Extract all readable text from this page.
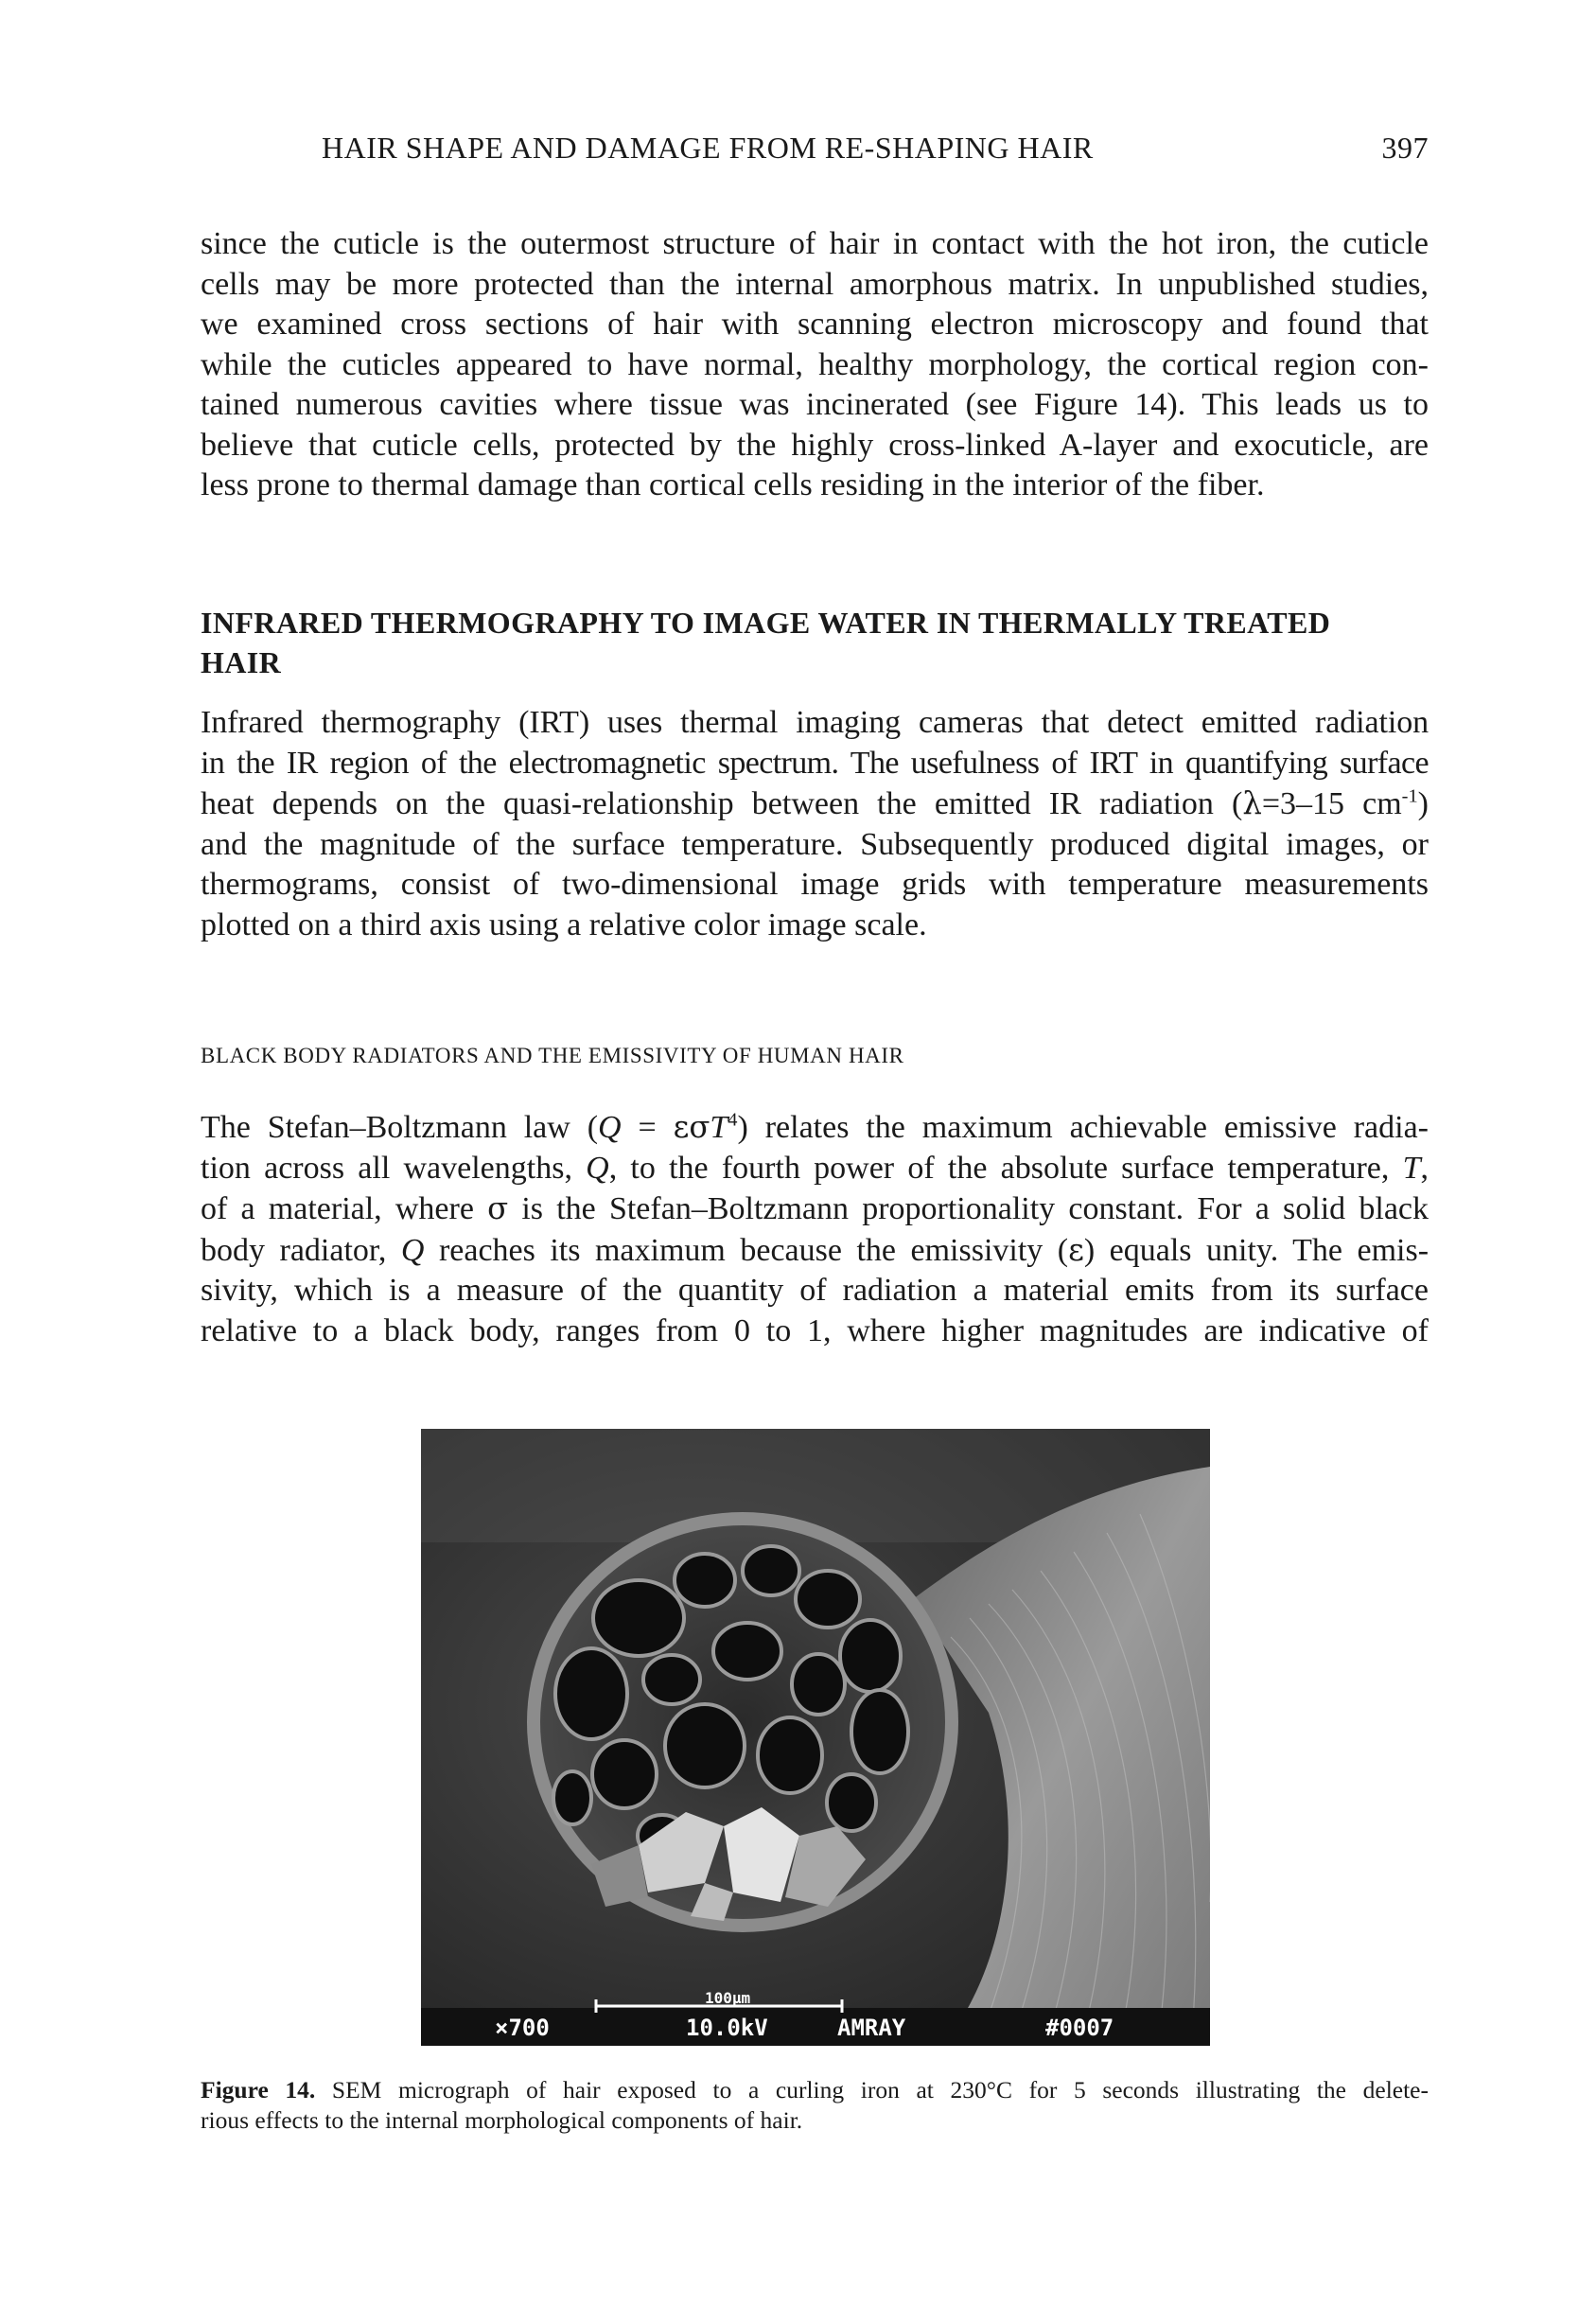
HAIR SHAPE AND DAMAGE FROM RE-SHAPING HAIR	397
since the cuticle is the outermost structure of hair in contact with the hot iron, the cuticle
cells may be more protected than the internal amorphous matrix. In unpublished studies,
we examined cross sections of hair with scanning electron microscopy and found that
while the cuticles appeared to have normal, healthy morphology, the cortical region con-
tained numerous cavities where tissue was incinerated (see Figure 14). This leads us to
believe that cuticle cells, protected by the highly cross-linked A-layer and exocuticle, are
less prone to thermal damage than cortical cells residing in the interior of the fiber.
INFRARED THERMOGRAPHY TO IMAGE WATER IN THERMALLY TREATED
HAIR
Infrared thermography (IRT) uses thermal imaging cameras that detect emitted radiation
in the IR region of the electromagnetic spectrum. The usefulness of IRT in quantifying surface
heat depends on the quasi-relationship between the emitted IR radiation (λ=3–15 $cm^{-1}$)
and the magnitude of the surface temperature. Subsequently produced digital images, or
thermograms, consist of two-dimensional image grids with temperature measurements
plotted on a third axis using a relative color image scale.
BLACK BODY RADIATORS AND THE EMISSIVITY OF HUMAN HAIR
The Stefan–Boltzmann law (Q = εσT$^4$) relates the maximum achievable emissive radia-
tion across all wavelengths, Q, to the fourth power of the absolute surface temperature, T,
of a material, where σ is the Stefan–Boltzmann proportionality constant. For a solid black
body radiator, Q reaches its maximum because the emissivity (ε) equals unity. The emis-
sivity, which is a measure of the quantity of radiation a material emits from its surface
relative to a black body, ranges from 0 to 1, where higher magnitudes are indicative of
×700
100µm
10.0kV	AMRAY	#0007
Figure 14. SEM micrograph of hair exposed to a curling iron at 230°C for 5 seconds illustrating the delete-
rious effects to the internal morphological components of hair.
